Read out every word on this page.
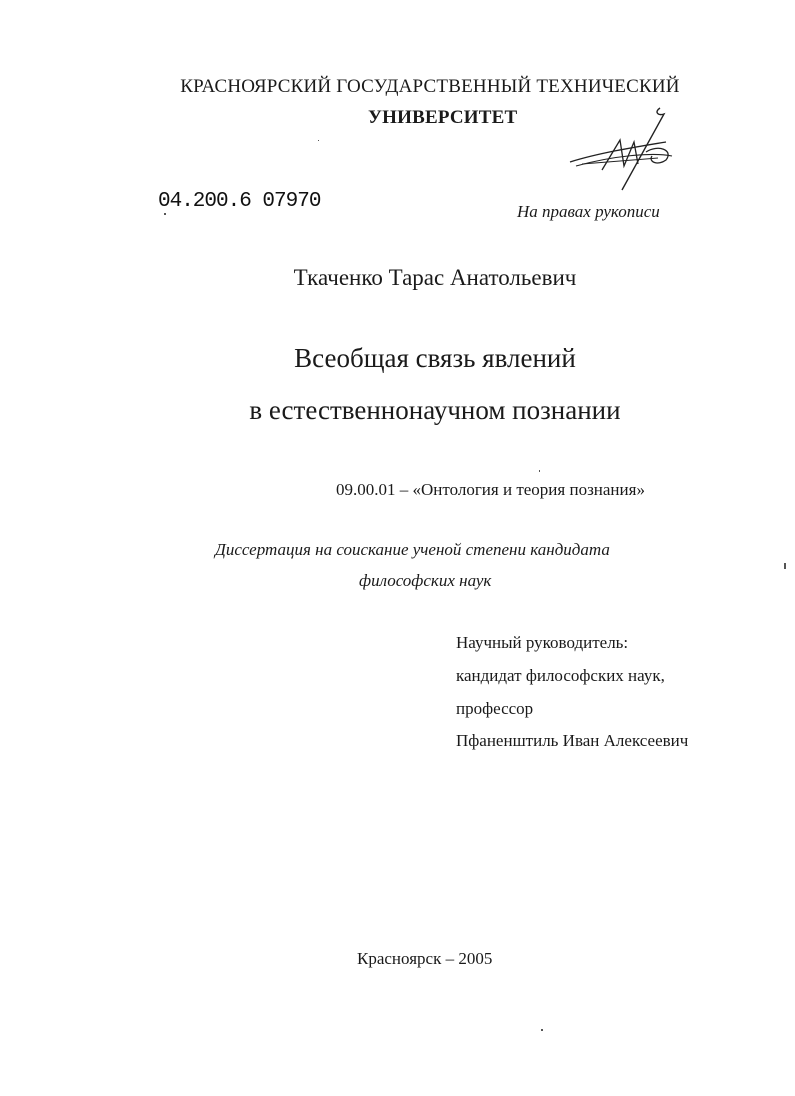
КРАСНОЯРСКИЙ ГОСУДАРСТВЕННЫЙ ТЕХНИЧЕСКИЙ
УНИВЕРСИТЕТ
04.200.6 07970	На правах рукописи
Ткаченко Тарас Анатольевич
Всеобщая связь явлений
в естественнонаучном познании
09.00.01 – «Онтология и теория познания»
Диссертация на соискание ученой степени кандидата
философских наук
Научный руководитель:
кандидат философских наук,
профессор
Пфаненштиль Иван Алексеевич
Красноярск – 2005
